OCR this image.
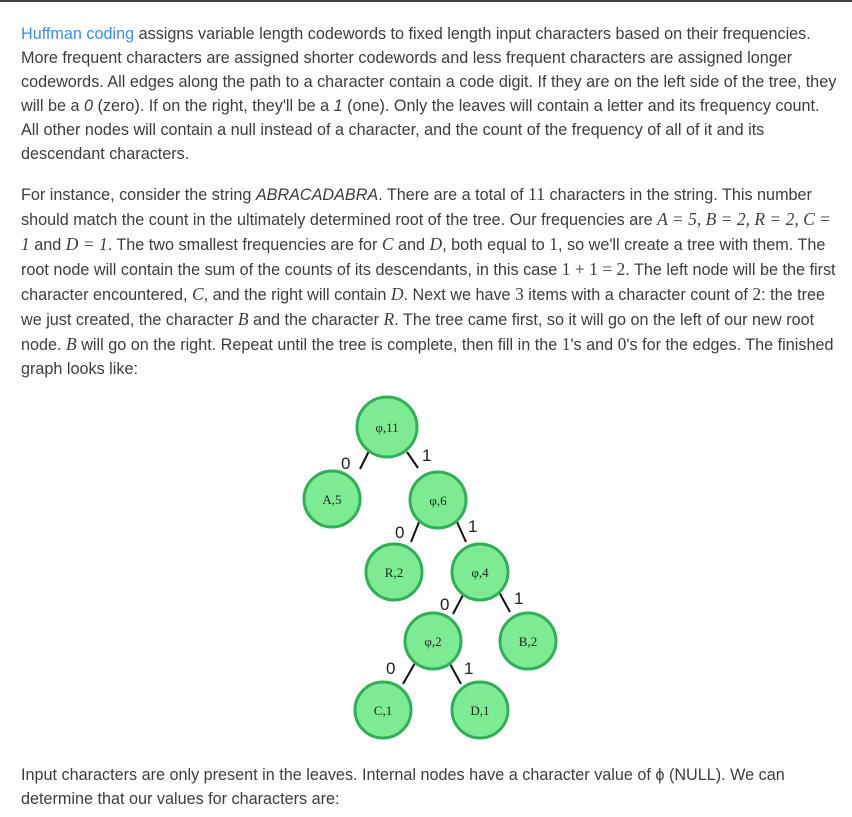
Huffman coding assigns variable length codewords to fixed length input characters based on their frequencies. More frequent characters are assigned shorter codewords and less frequent characters are assigned longer codewords. All edges along the path to a character contain a code digit. If they are on the left side of the tree, they will be a 0 (zero). If on the right, they'll be a 1 (one). Only the leaves will contain a letter and its frequency count. All other nodes will contain a null instead of a character, and the count of the frequency of all of it and its descendant characters.
For instance, consider the string ABRACADABRA. There are a total of 11 characters in the string. This number should match the count in the ultimately determined root of the tree. Our frequencies are A = 5, B = 2, R = 2, C = 1 and D = 1. The two smallest frequencies are for C and D, both equal to 1, so we'll create a tree with them. The root node will contain the sum of the counts of its descendants, in this case 1 + 1 = 2. The left node will be the first character encountered, C, and the right will contain D. Next we have 3 items with a character count of 2: the tree we just created, the character B and the character R. The tree came first, so it will go on the left of our new root node. B will go on the right. Repeat until the tree is complete, then fill in the 1's and 0's for the edges. The finished graph looks like:
0	1
0	1
0	1
0	1
φ,11
A,5	φ,6
R,2	φ,4
φ,2	B,2
C,1	D,1
Input characters are only present in the leaves. Internal nodes have a character value of ϕ (NULL). We can determine that our values for characters are:
